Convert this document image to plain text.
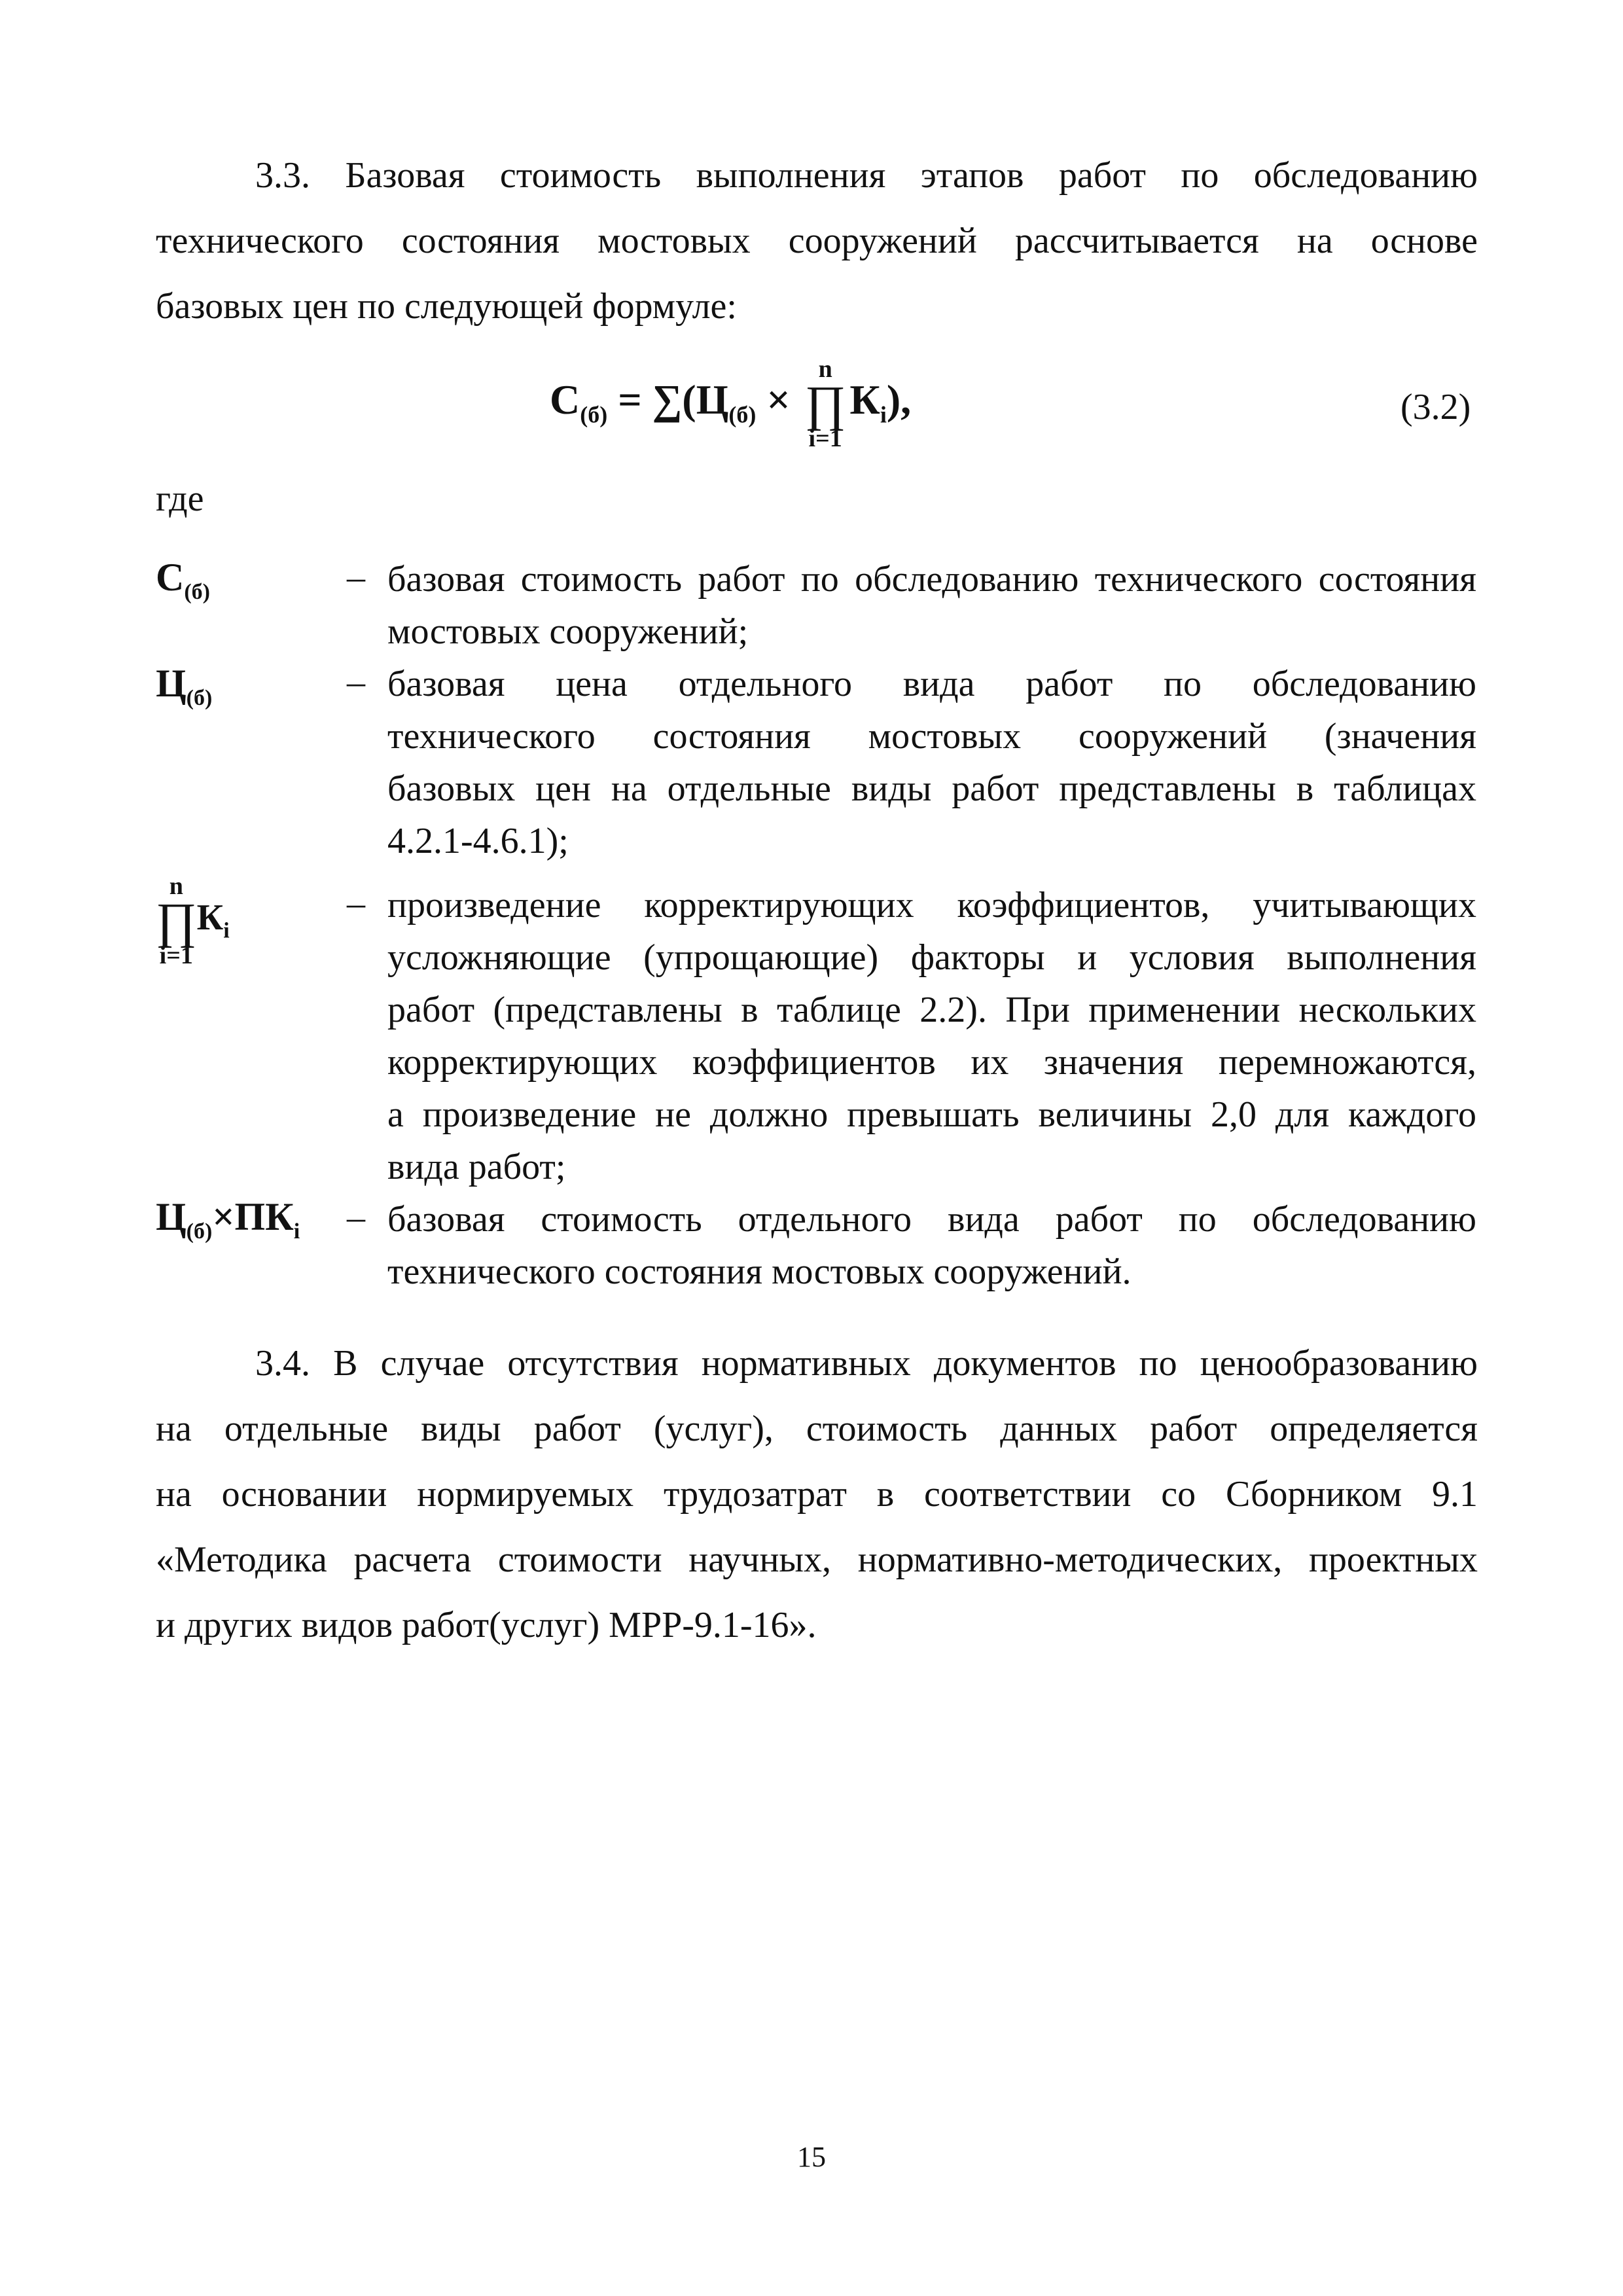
3.3. Базовая стоимость выполнения этапов работ по обследованию
технического состояния мостовых сооружений рассчитывается на основе
базовых цен по следующей формуле:
$С_{(б)} = \sum(Ц_{(б)}$ ×
n
∏
i=1
$К_i$),	(3.2)
где
$С_{(б)}$	– базовая стоимость работ по обследованию технического состояния
мостовых сооружений;
$Ц_{(б)}$	– базовая цена отдельного вида работ по обследованию
технического состояния мостовых сооружений (значения
базовых цен на отдельные виды работ представлены в таблицах
4.2.1-4.6.1);
n
∏
i=1
$К_i$
– произведение корректирующих коэффициентов, учитывающих
усложняющие (упрощающие) факторы и условия выполнения
работ (представлены в таблице 2.2). При применении нескольких
корректирующих коэффициентов их значения перемножаются,
а произведение не должно превышать величины 2,0 для каждого
вида работ;
$Ц_{(б)}\times ПК_i$ – базовая стоимость отдельного вида работ по обследованию
технического состояния мостовых сооружений.
3.4. В случае отсутствия нормативных документов по ценообразованию
на отдельные виды работ (услуг), стоимость данных работ определяется
на основании нормируемых трудозатрат в соответствии со Сборником 9.1
«Методика расчета стоимости научных, нормативно-методических, проектных
и других видов работ(услуг) МРР-9.1-16».
15
